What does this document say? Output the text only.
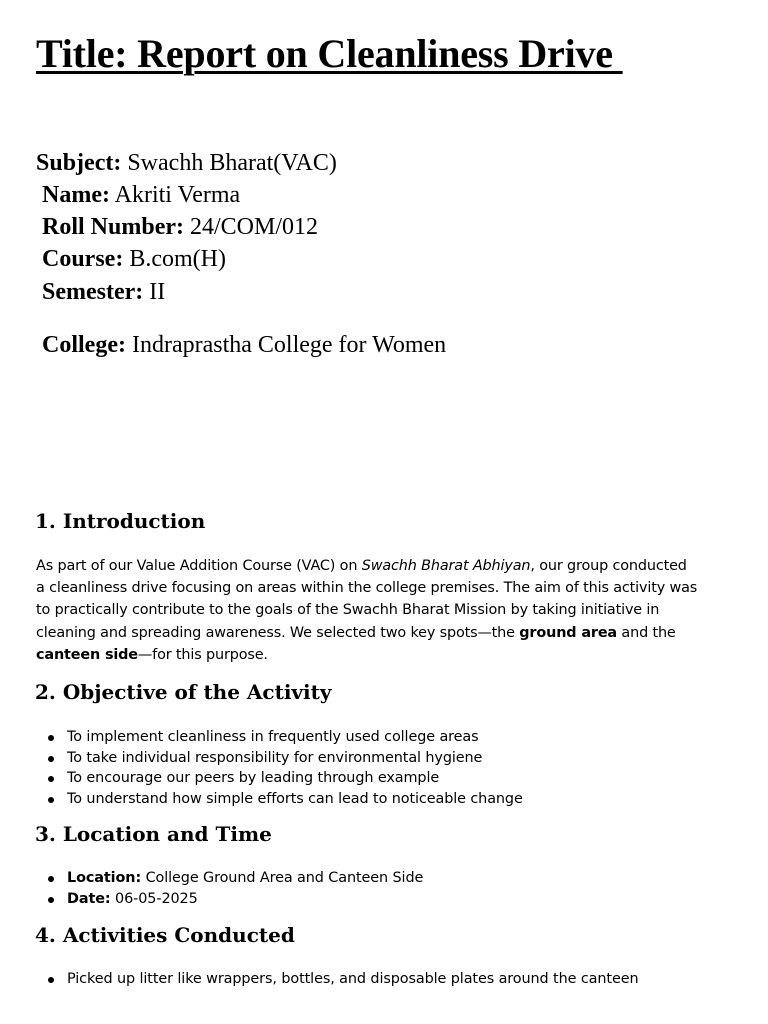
Title: Report on Cleanliness Drive
Subject: Swachh Bharat(VAC)
Name: Akriti Verma
Roll Number: 24/COM/012
Course: B.com(H)
Semester: II
College: Indraprastha College for Women
1. Introduction
As part of our Value Addition Course (VAC) on Swachh Bharat Abhiyan, our group conducted
a cleanliness drive focusing on areas within the college premises. The aim of this activity was
to practically contribute to the goals of the Swachh Bharat Mission by taking initiative in
cleaning and spreading awareness. We selected two key spots—the ground area and the
canteen side—for this purpose.
2. Objective of the Activity
To implement cleanliness in frequently used college areas
To take individual responsibility for environmental hygiene
To encourage our peers by leading through example
To understand how simple efforts can lead to noticeable change
3. Location and Time
Location: College Ground Area and Canteen Side
Date: 06-05-2025
4. Activities Conducted
Picked up litter like wrappers, bottles, and disposable plates around the canteen
